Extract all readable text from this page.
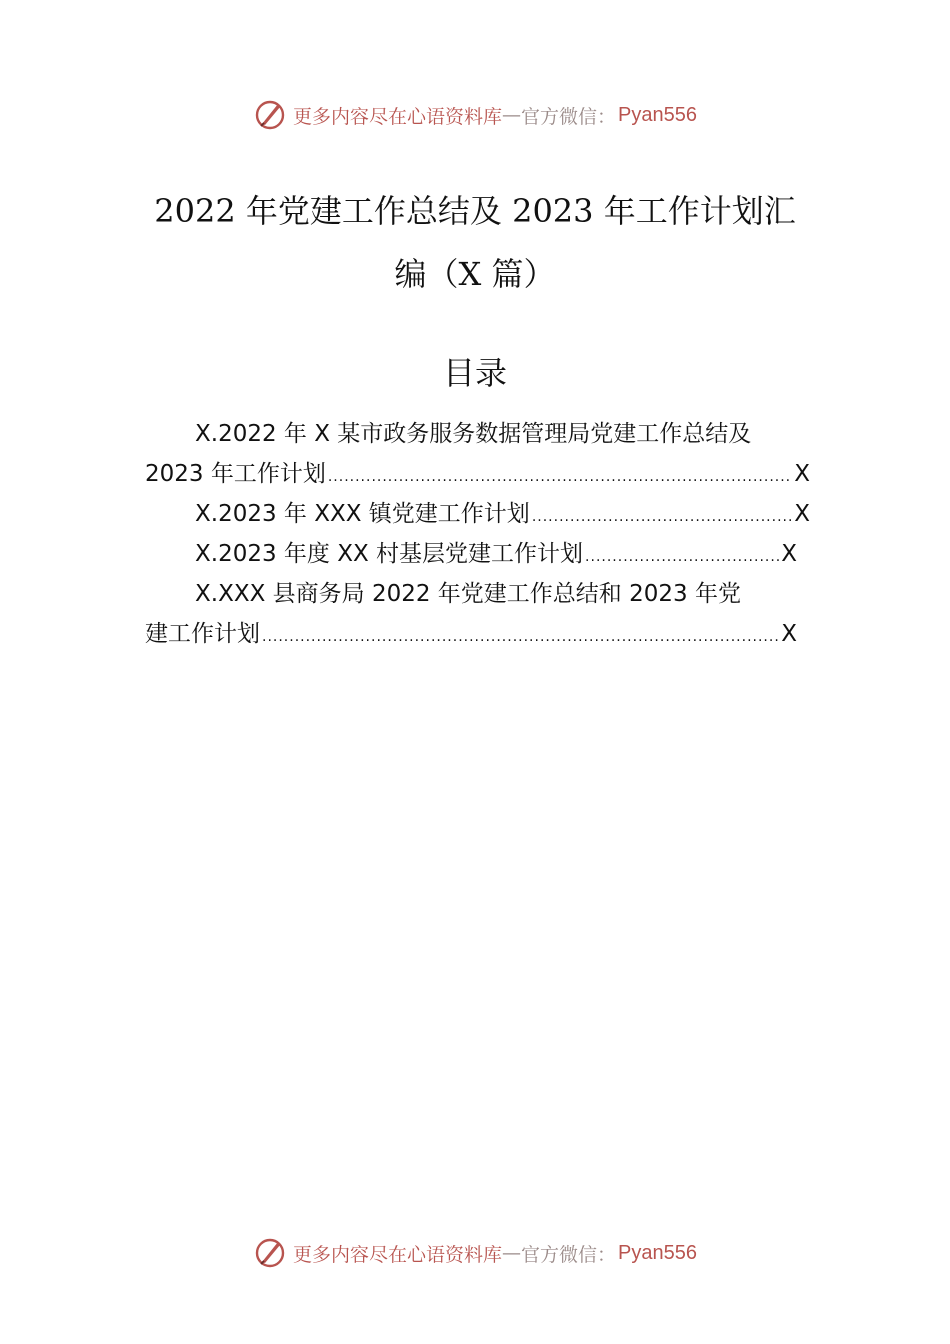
更多内容尽在心语资料库 — 官方微信： Pyan556
2022 年党建工作总结及 2023 年工作计划汇
编（X 篇）
目录
X.2022 年 X 某市政务服务数据管理局党建工作总结及
2023 年工作计划 .....	X
X.2023 年 XXX 镇党建工作计划 .....	X
X.2023 年度 XX 村基层党建工作计划 .....	X
X.XXX 县商务局 2022 年党建工作总结和 2023 年党
建工作计划 .....	X
更多内容尽在心语资料库 — 官方微信： Pyan556
